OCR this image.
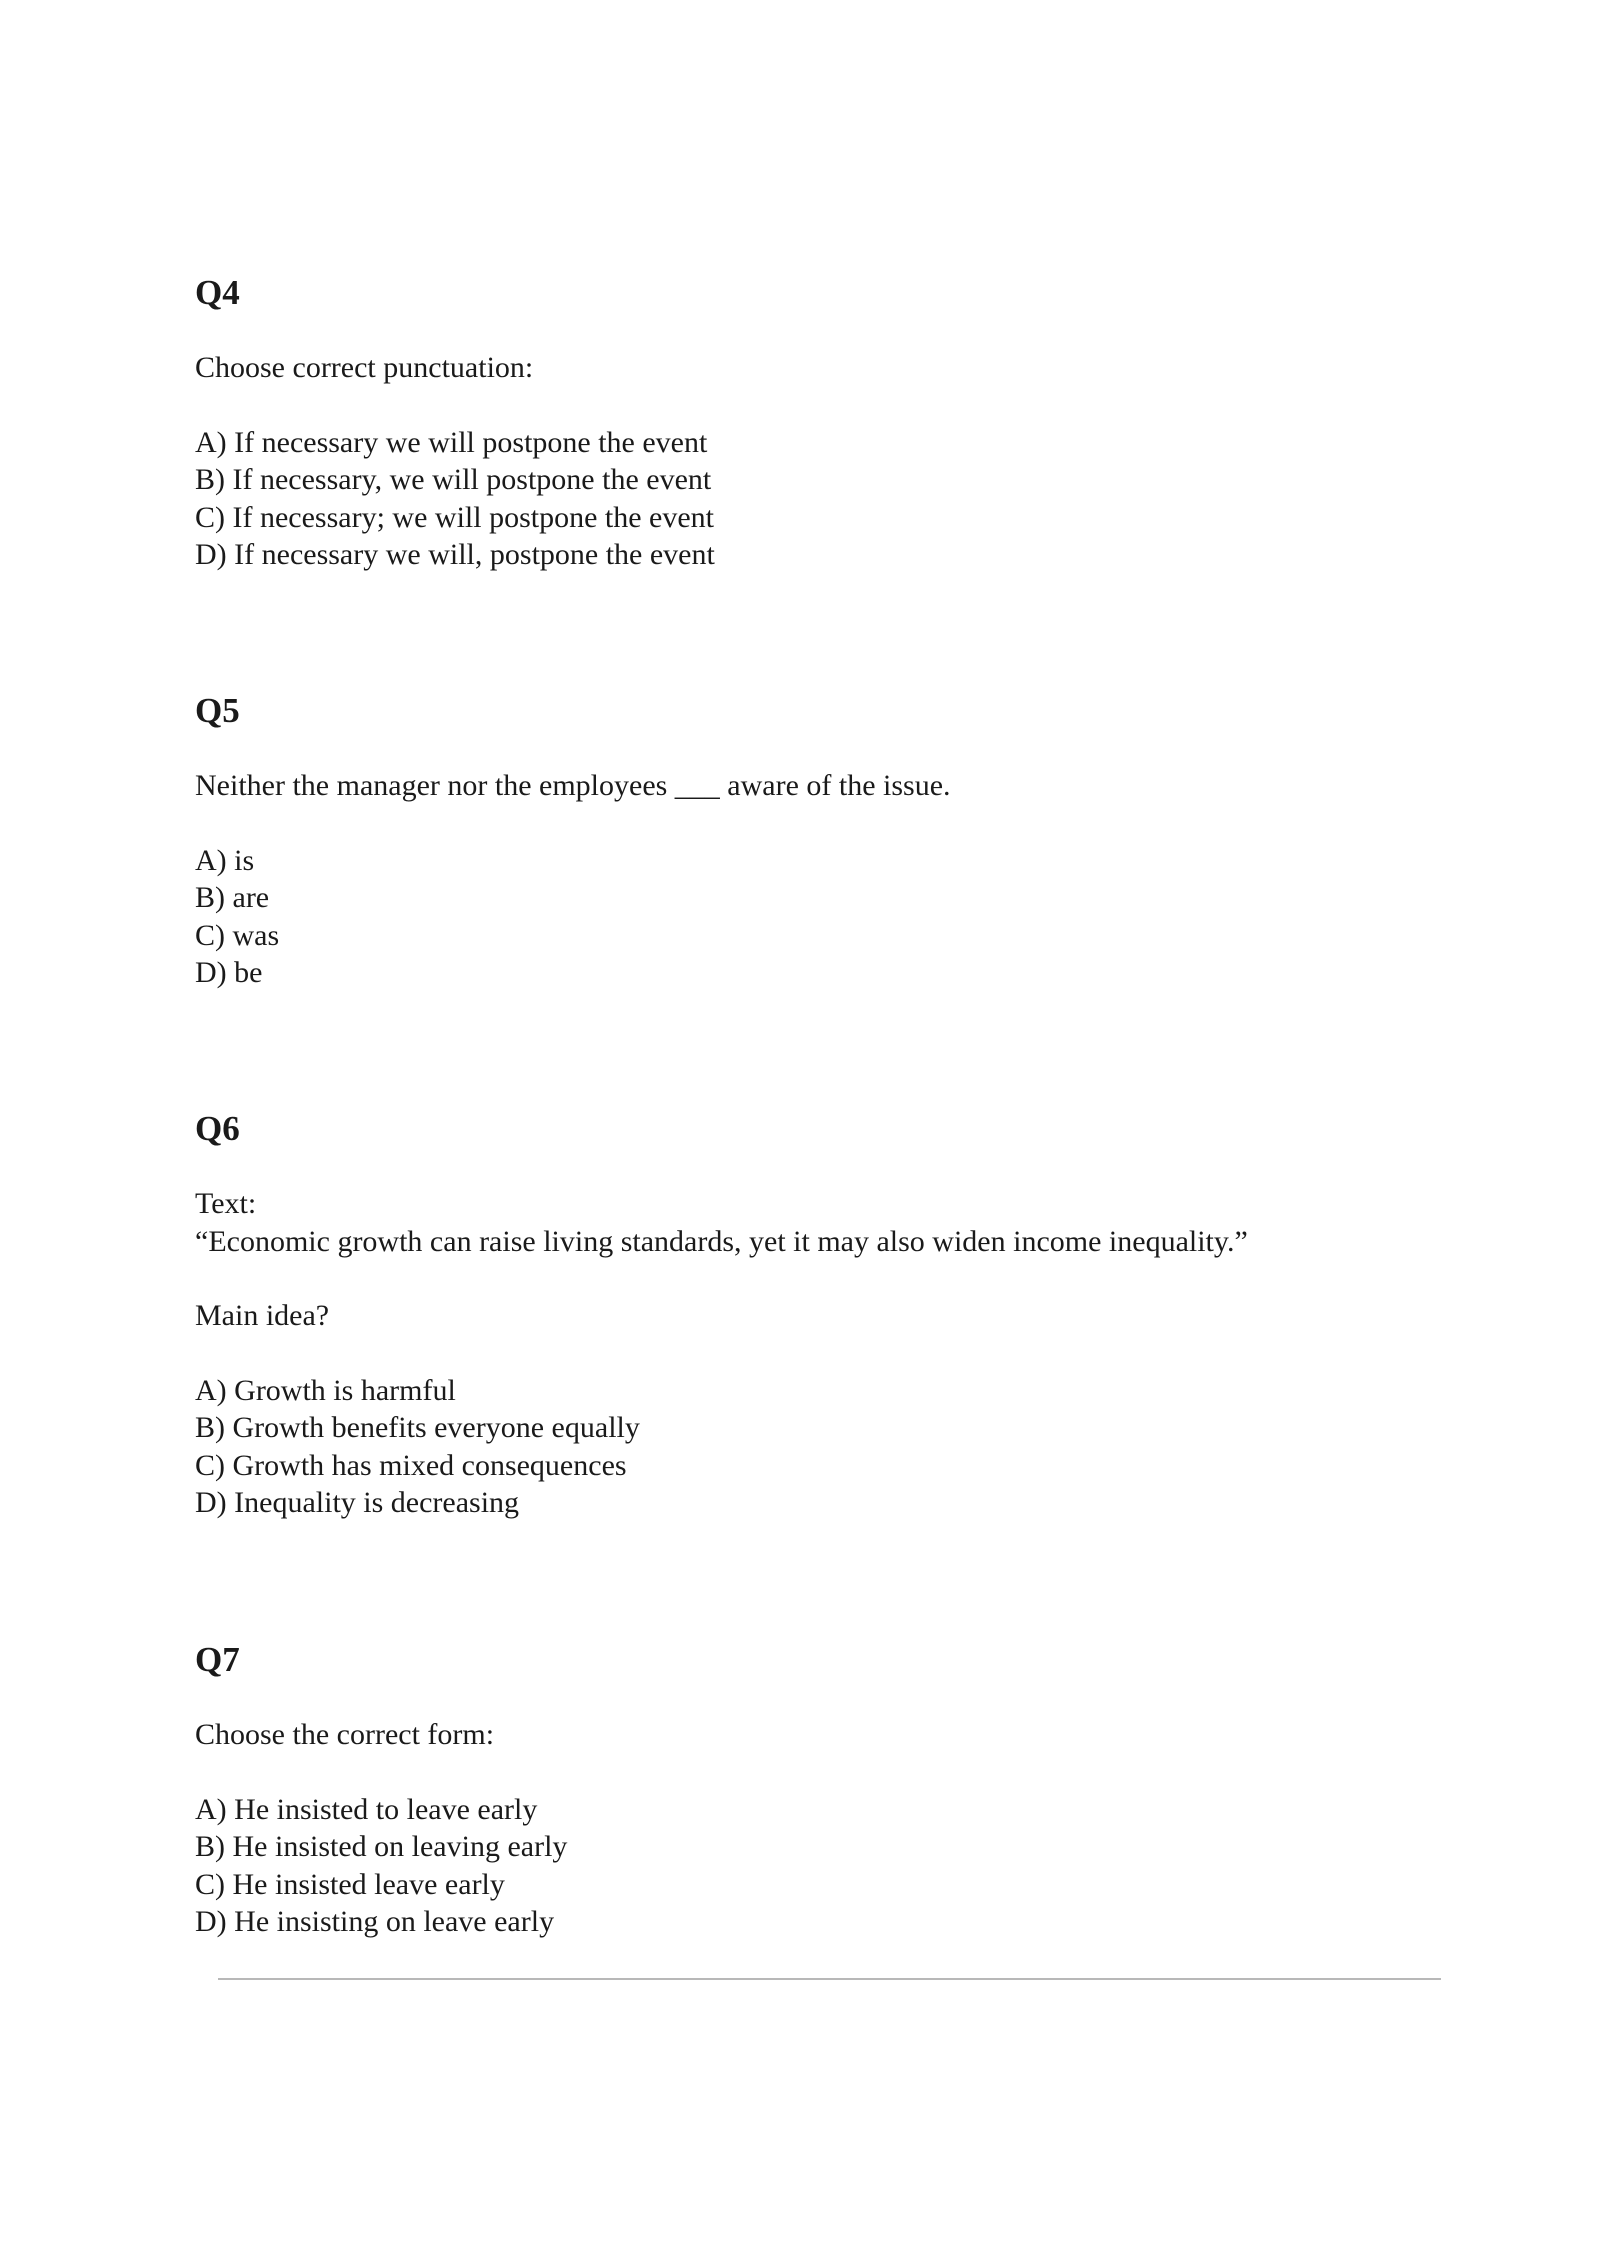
Q4

Choose correct punctuation:

A) If necessary we will postpone the event
B) If necessary, we will postpone the event
C) If necessary; we will postpone the event
D) If necessary we will, postpone the event
Q5

Neither the manager nor the employees ___ aware of the issue.

A) is
B) are
C) was
D) be
Q6

Text:

“Economic growth can raise living standards, yet it may also widen income inequality.”

Main idea?

A) Growth is harmful
B) Growth benefits everyone equally
C) Growth has mixed consequences
D) Inequality is decreasing
Q7

Choose the correct form:

A) He insisted to leave early
B) He insisted on leaving early
C) He insisted leave early
D) He insisting on leave early
